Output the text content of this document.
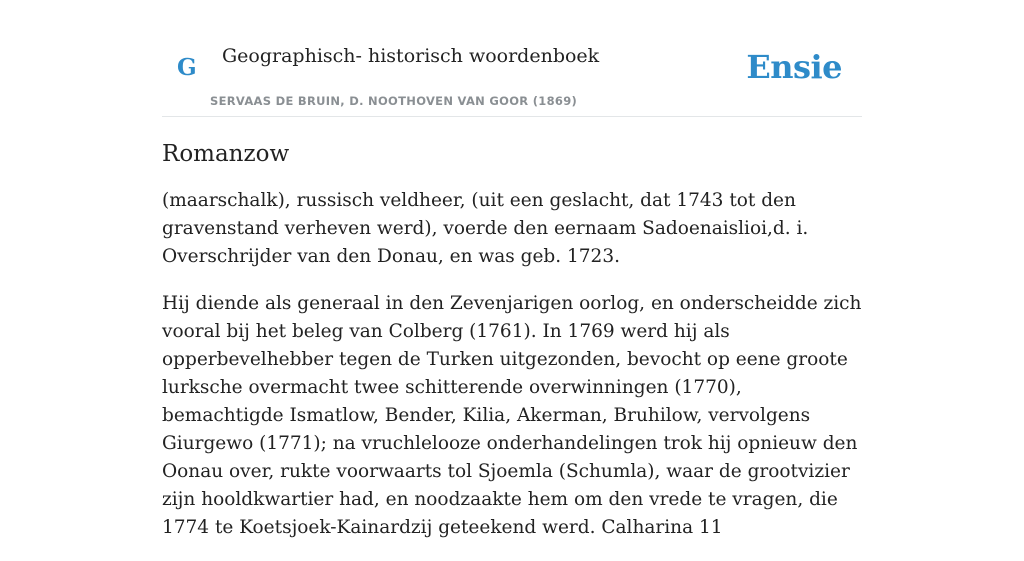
G Geographisch- historisch woordenboek
SERVAAS DE BRUIN, D. NOOTHOVEN VAN GOOR (1869)
Ensie
Romanzow

(maarschalk), russisch veldheer, (uit een geslacht, dat 1743 tot den gravenstand verheven werd), voerde den eernaam Sadoenaislioi,d. i. Overschrijder van den Donau, en was geb. 1723.

Hij diende als generaal in den Zevenjarigen oorlog, en onderscheidde zich vooral bij het beleg van Colberg (1761). In 1769 werd hij als opperbevelhebber tegen de Turken uitgezonden, bevocht op eene groote lurksche overmacht twee schitterende overwinningen (1770), bemachtigde Ismatlow, Bender, Kilia, Akerman, Bruhilow, vervolgens Giurgewo (1771); na vruchlelooze onderhandelingen trok hij opnieuw den Oonau over, rukte voorwaarts tol Sjoemla (Schumla), waar de grootvizier zijn hooldkwartier had, en noodzaakte hem om den vrede te vragen, die 1774 te Koetsjoek-Kainardzij geteekend werd. Calharina 11
